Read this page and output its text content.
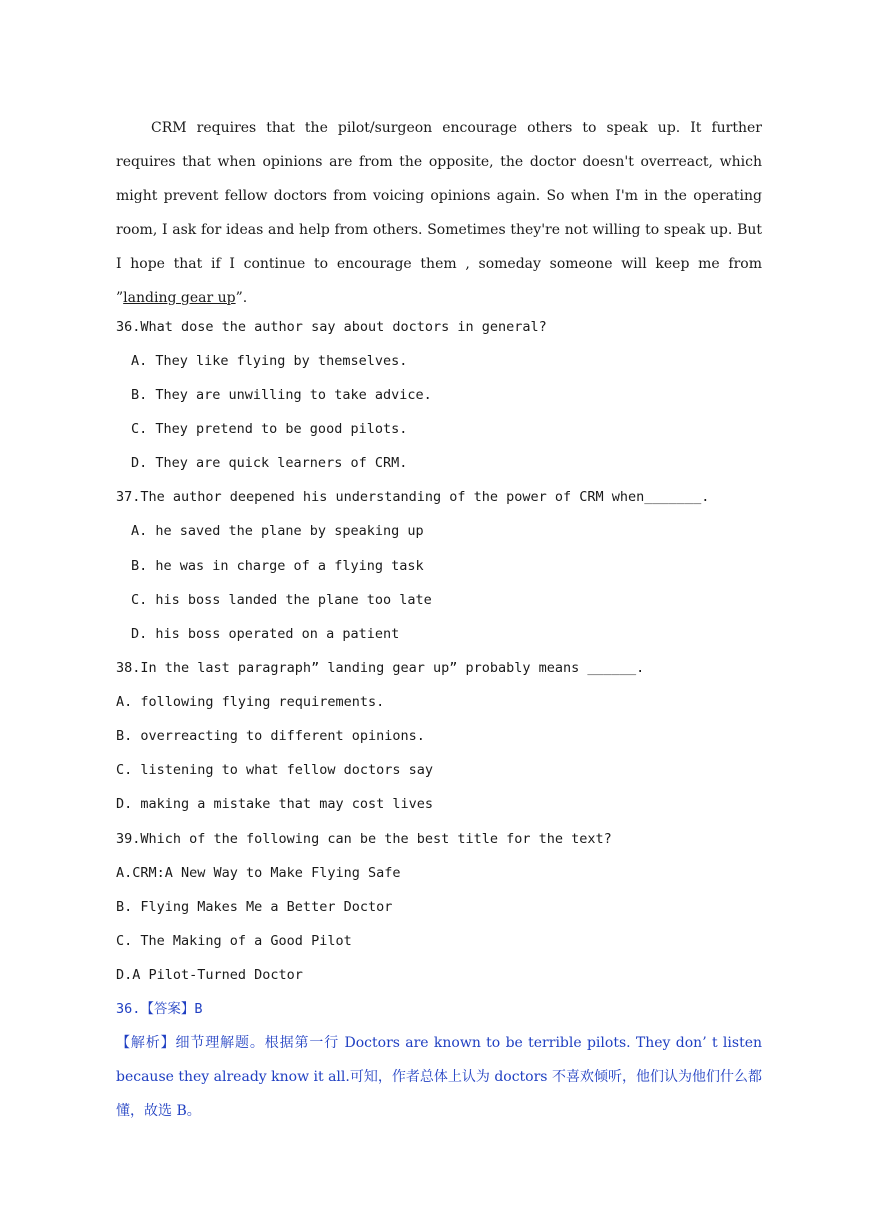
CRM requires that the pilot/surgeon encourage others to speak up. It further requires that when opinions are from the opposite, the doctor doesn't overreact, which might prevent fellow doctors from voicing opinions again. So when I'm in the operating room, I ask for ideas and help from others. Sometimes they're not willing to speak up. But I hope that if I continue to encourage them , someday someone will keep me from ”landing gear up”.
36.What dose the author say about doctors in general?
A. They like flying by themselves.
B. They are unwilling to take advice.
C. They pretend to be good pilots.
D. They are quick learners of CRM.
37.The author deepened his understanding of the power of CRM when_______.
A. he saved the plane by speaking up
B. he was in charge of a flying task
C. his boss landed the plane too late
D. his boss operated on a patient
38.In the last paragraph” landing gear up” probably means ______.
A. following flying requirements.
B. overreacting to different opinions.
C. listening to what fellow doctors say
D. making a mistake that may cost lives
39.Which of the following can be the best title for the text?
A.CRM:A New Way to Make Flying Safe
B. Flying Makes Me a Better Doctor
C. The Making of a Good Pilot
D.A Pilot-Turned Doctor
36.【答案】B
【解析】细节理解题。根据第一行 Doctors are known to be terrible pilots. They don’ t listen because they already know it all.可知，作者总体上认为 doctors 不喜欢倾听，他们认为他们什么都懂，故选 B。
